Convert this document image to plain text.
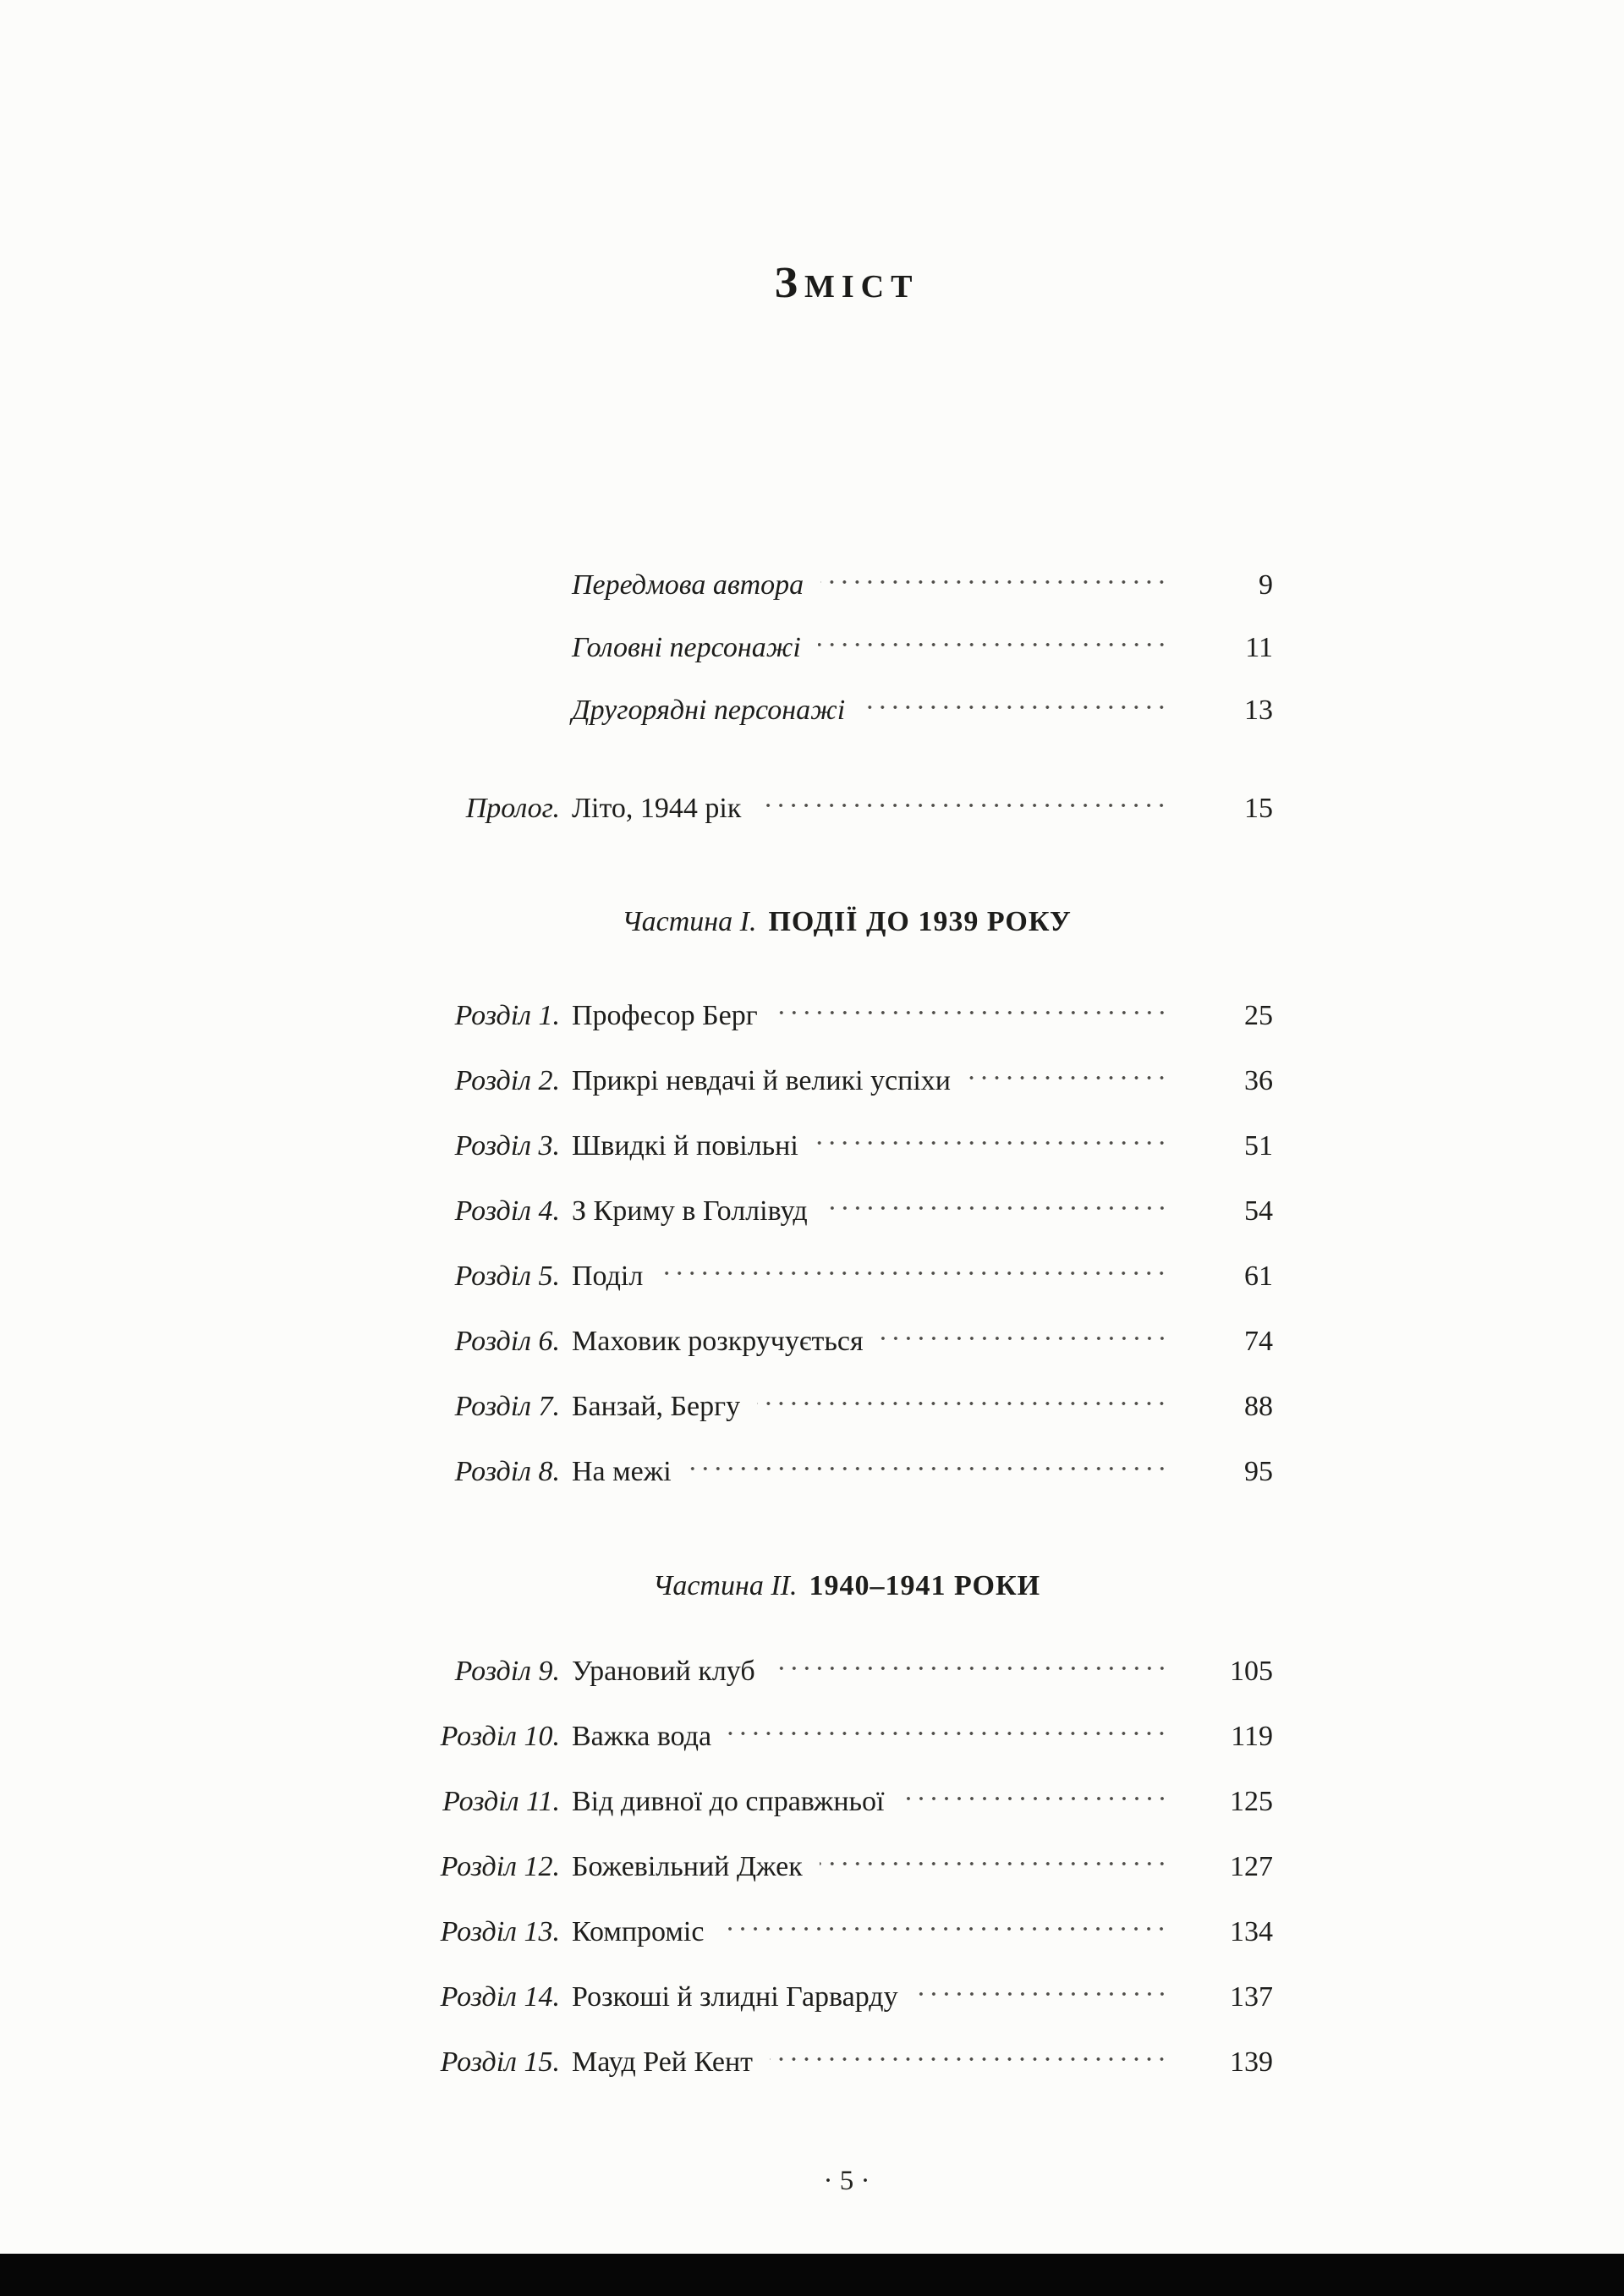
ЗМІСТ
Передмова автора	9
Головні персонажі	11
Другорядні персонажі	13
Пролог. Літо, 1944 рік	15
Частина I. ПОДІЇ ДО 1939 РОКУ
Розділ 1. Професор Берг	25
Розділ 2. Прикрі невдачі й великі успіхи	36
Розділ 3. Швидкі й повільні	51
Розділ 4. З Криму в Голлівуд	54
Розділ 5. Поділ	61
Розділ 6. Маховик розкручується	74
Розділ 7. Банзай, Бергу	88
Розділ 8. На межі	95
Частина II. 1940–1941 РОКИ
Розділ 9. Урановий клуб	105
Розділ 10. Важка вода	119
Розділ 11. Від дивної до справжньої	125
Розділ 12. Божевільний Джек	127
Розділ 13. Компроміс	134
Розділ 14. Розкоші й злидні Гарварду	137
Розділ 15. Мауд Рей Кент	139
· 5 ·
